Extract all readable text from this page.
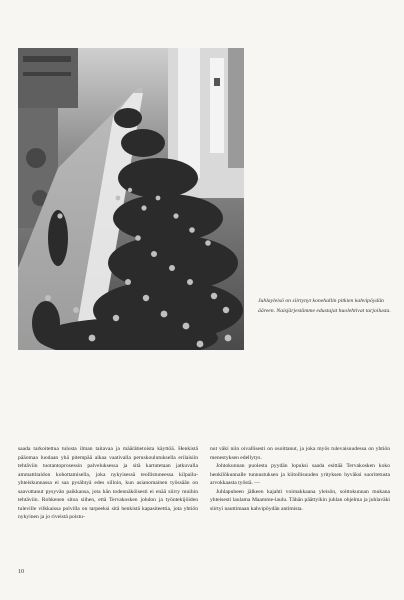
Juhlayleisö on siirtynyt konehallin pitkien kahvipöydän ääreen. Naisjärjestämme edustajat huolehtivat tarjoilusta.

saada tarkoitettua tulosta ilman taitavaa ja määrätietoista käyttöä. Henkistä pääomaa luodaan yhä pitempää aikaa vaativalla peruskoulutuksella erilaisiin tehtäviin tuotantoprosessin palveluksessa ja sitä kartutetaan jatkuvalla ammattitaidon kohottamisella, joka nykyisessä teollistuneessa kilpailu-yhteiskunnassa ei saa pysähtyä edes silloin, kun asianomainen työssään on saavuttanut pysyvän paikkansa, jota hän todennäköisesti ei enää siirry muihin tehtäviin. Rohkenen sitoa siihen, että Tervakosken johdon ja työntekijöiden tuleville vilkkaissa polvilla on tarpeeksi sitä henkistä kapasiteettia, jota yhtiön nykyinen ja jo riveistä poistu-

nut väki niin oivallisesti on osoittanut, ja joka myös tulevaisuudessa on yhtiön menestyksen edellytys.

Johtokunnan puolesta pyydän lopuksi saada esittää Tervakosken koko henkilökunnalle tunnustuksen ja kiitollisuuden yrityksen hyväksi suoritetusta arvokkaasta työstä. —

Juhlapuheen jälkeen kajahti voimakkaana yleisön, soittokunnan mukana yhteisesti laulama Maamme-laulu. Tähän päättyikin juhlan ohjelma ja juhlaväki siirtyi nauttimaan kahvipöydän antimista.

10
